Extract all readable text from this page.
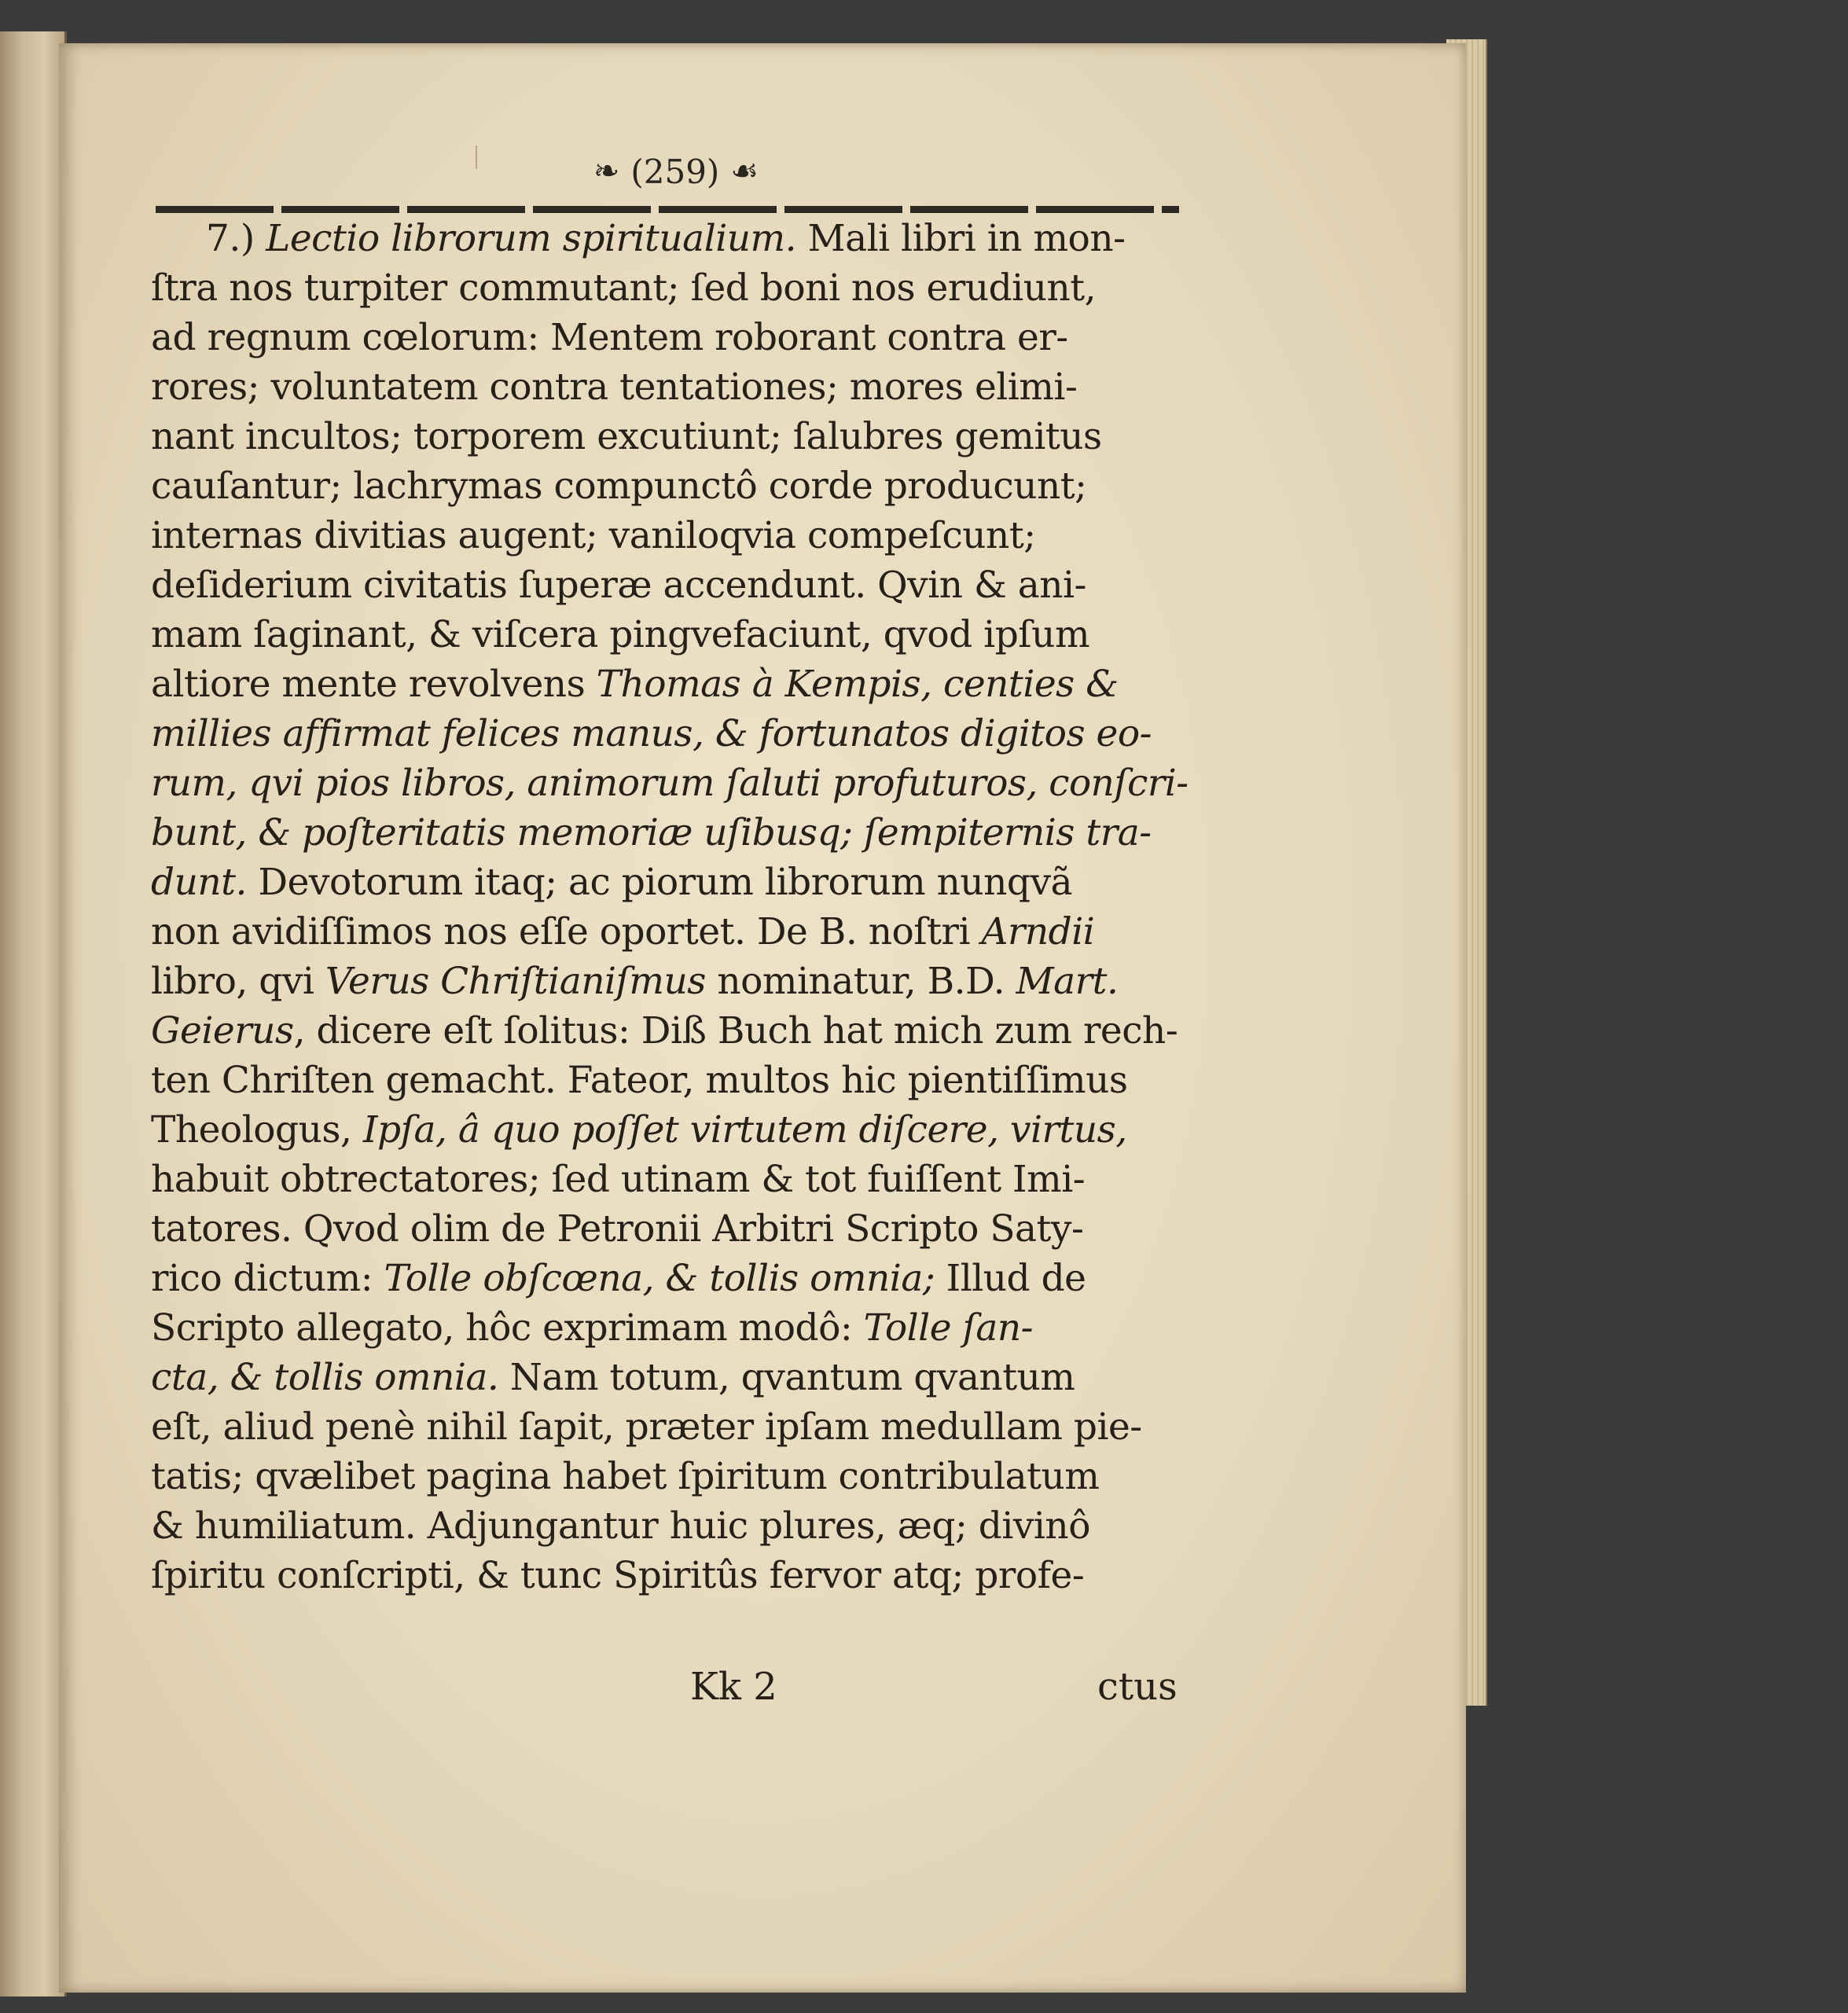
❧ (259) ☙
7.) Lectio librorum spiritualium. Mali libri in mon-
ſtra nos turpiter commutant; ſed boni nos erudiunt,
ad regnum cœlorum: Mentem roborant contra er-
rores; voluntatem contra tentationes; mores elimi-
nant incultos; torporem excutiunt; ſalubres gemitus
cauſantur; lachrymas compunctô corde producunt;
internas divitias augent; vaniloqvia compeſcunt;
deſiderium civitatis ſuperæ accendunt. Qvin & ani-
mam ſaginant, & viſcera pingvefaciunt, qvod ipſum
altiore mente revolvens Thomas à Kempis, centies &
millies affirmat felices manus, & fortunatos digitos eo-
rum, qvi pios libros, animorum ſaluti profuturos, conſcri-
bunt, & poſteritatis memoriæ uſibusq; ſempiternis tra-
dunt. Devotorum itaq; ac piorum librorum nunqvã
non avidiſſimos nos eſſe oportet. De B. noſtri Arndii
libro, qvi Verus Chriſtianiſmus nominatur, B.D. Mart.
Geierus, dicere eſt ſolitus: Diß Buch hat mich zum rech-
ten Chriſten gemacht. Fateor, multos hic pientiſſimus
Theologus, Ipſa, â quo poſſet virtutem diſcere, virtus,
habuit obtrectatores; ſed utinam & tot fuiſſent Imi-
tatores. Qvod olim de Petronii Arbitri Scripto Saty-
rico dictum: Tolle obſcœna, & tollis omnia; Illud de
Scripto allegato, hôc exprimam modô: Tolle ſan-
cta, & tollis omnia. Nam totum, qvantum qvantum
eſt, aliud penè nihil ſapit, præter ipſam medullam pie-
tatis; qvælibet pagina habet ſpiritum contribulatum
& humiliatum. Adjungantur huic plures, æq; divinô
ſpiritu conſcripti, & tunc Spiritûs fervor atq; profe-
Kk 2	ctus
